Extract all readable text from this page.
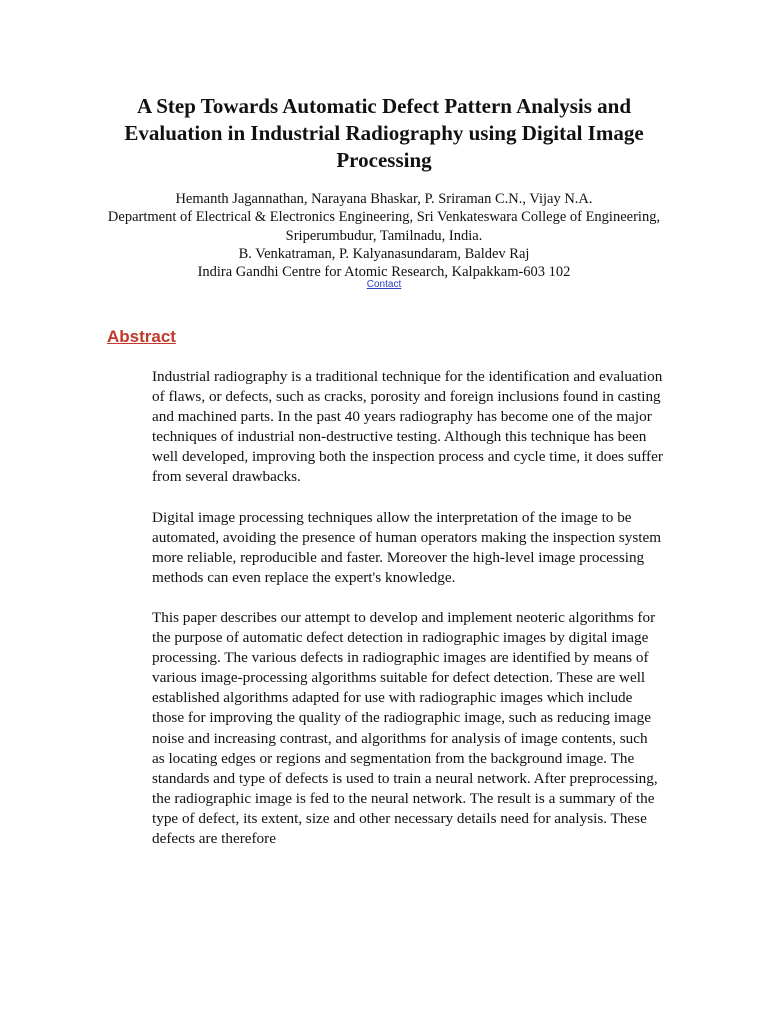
A Step Towards Automatic Defect Pattern Analysis and Evaluation in Industrial Radiography using Digital Image Processing
Hemanth Jagannathan, Narayana Bhaskar, P. Sriraman C.N., Vijay N.A.
Department of Electrical & Electronics Engineering, Sri Venkateswara College of Engineering, Sriperumbudur, Tamilnadu, India.
B. Venkatraman, P. Kalyanasundaram, Baldev Raj
Indira Gandhi Centre for Atomic Research, Kalpakkam-603 102
Contact
Abstract

Industrial radiography is a traditional technique for the identification and evaluation of flaws, or defects, such as cracks, porosity and foreign inclusions found in casting and machined parts. In the past 40 years radiography has become one of the major techniques of industrial non-destructive testing. Although this technique has been well developed, improving both the inspection process and cycle time, it does suffer from several drawbacks.

Digital image processing techniques allow the interpretation of the image to be automated, avoiding the presence of human operators making the inspection system more reliable, reproducible and faster. Moreover the high-level image processing methods can even replace the expert's knowledge.

This paper describes our attempt to develop and implement neoteric algorithms for the purpose of automatic defect detection in radiographic images by digital image processing. The various defects in radiographic images are identified by means of various image-processing algorithms suitable for defect detection. These are well established algorithms adapted for use with radiographic images which include those for improving the quality of the radiographic image, such as reducing image noise and increasing contrast, and algorithms for analysis of image contents, such as locating edges or regions and segmentation from the background image. The standards and type of defects is used to train a neural network. After preprocessing, the radiographic image is fed to the neural network. The result is a summary of the type of defect, its extent, size and other necessary details need for analysis. These defects are therefore
